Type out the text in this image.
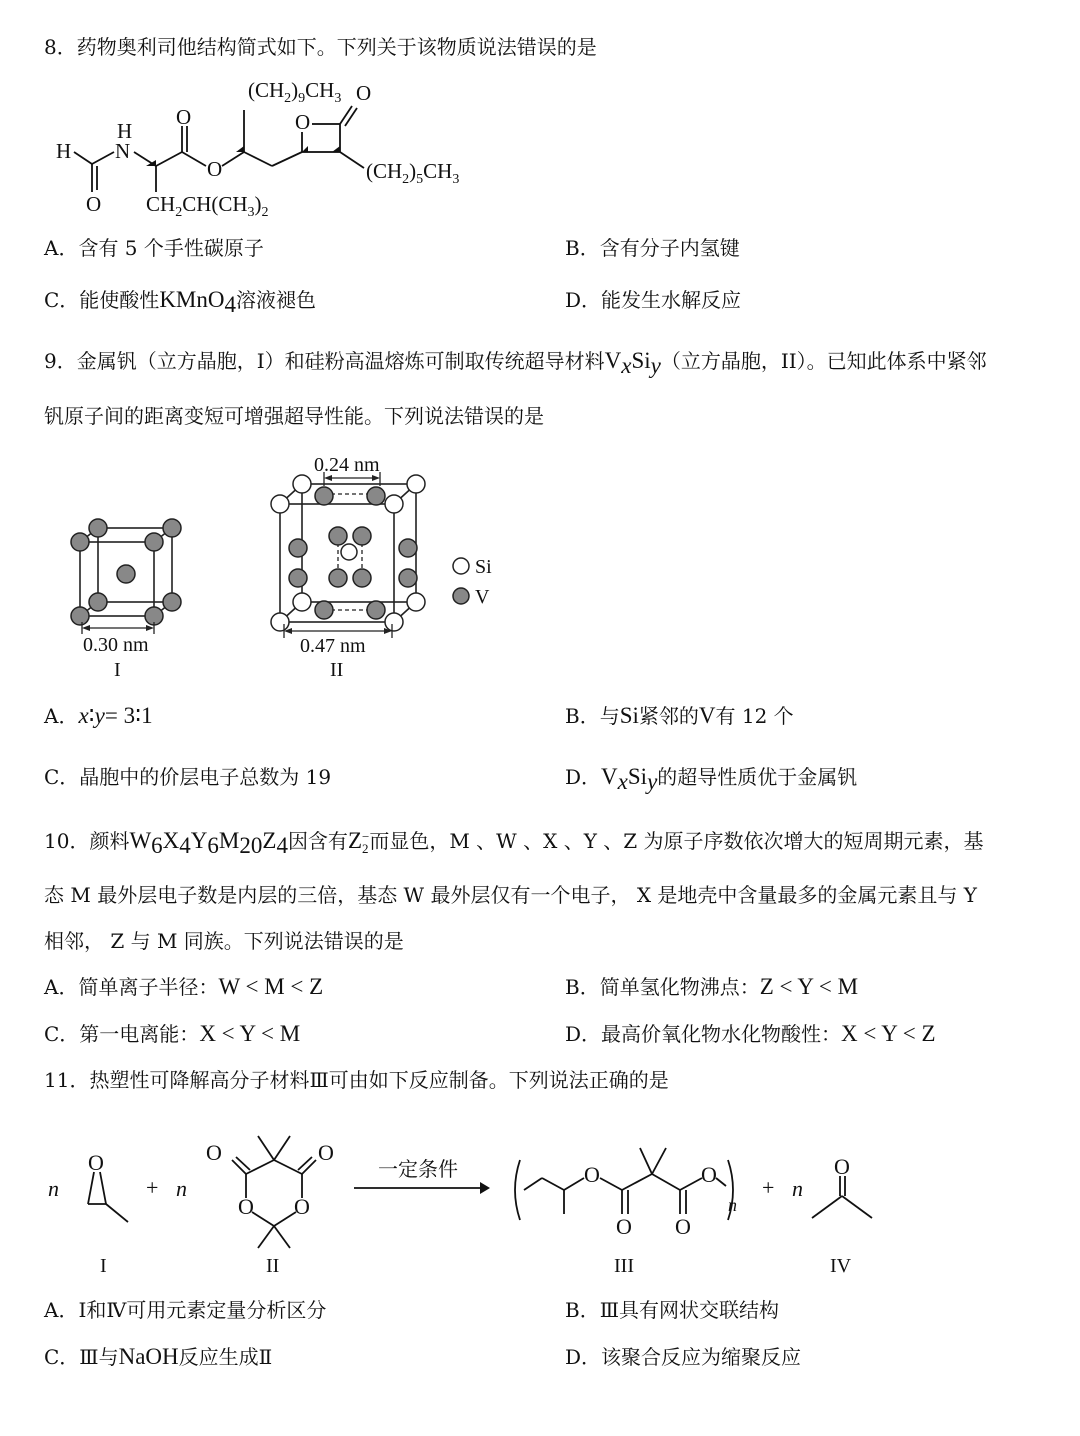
8．药物奥利司他结构简式如下。下列关于该物质说法错误的是
$(CH_2)_9CH_3$ O
O
$(CH_2)_5CH_3$
H N
H
O
O
O
$CH_2CH(CH_3)_2$
A．含有 5 个手性碳原子	B．含有分子内氢键
C．能使酸性KMnO$_4$溶液褪色	D．能发生水解反应
9．金属钒（立方晶胞，I）和硅粉高温熔炼可制取传统超导材料$V_xSi_y$（立方晶胞，II）。已知此体系中紧邻
钒原子间的距离变短可增强超导性能。下列说法错误的是
0.30 nm
I
0.24 nm
0.47 nm
II
Si
V
A．x∶y= 3∶1	B．与Si紧邻的V有 12 个
C．晶胞中的价层电子总数为 19	D．$V_xSi_y$的超导性质优于金属钒
10．颜料$W_6X_4Y_6M_{20}Z_4$因含有Z −
2 而显色，M 、W 、X 、Y 、Z 为原子序数依次增大的短周期元素，基
态 M 最外层电子数是内层的三倍，基态 W 最外层仅有一个电子， X 是地壳中含量最多的金属元素且与 Y
相邻， Z 与 M 同族。下列说法错误的是
A．简单离子半径：W < M < Z	B．简单氢化物沸点：Z < Y < M
C．第一电离能：X < Y < M	D．最高价氧化物水化物酸性：X < Y < Z
11．热塑性可降解高分子材料Ⅲ可由如下反应制备。下列说法正确的是
n	+ n	+ n
n
O	O	O
O O
O	O
O O
O
一定条件
I	II	III	IV
A．Ⅰ和Ⅳ可用元素定量分析区分	B．Ⅲ具有网状交联结构
C．Ⅲ与NaOH反应生成Ⅱ	D．该聚合反应为缩聚反应
